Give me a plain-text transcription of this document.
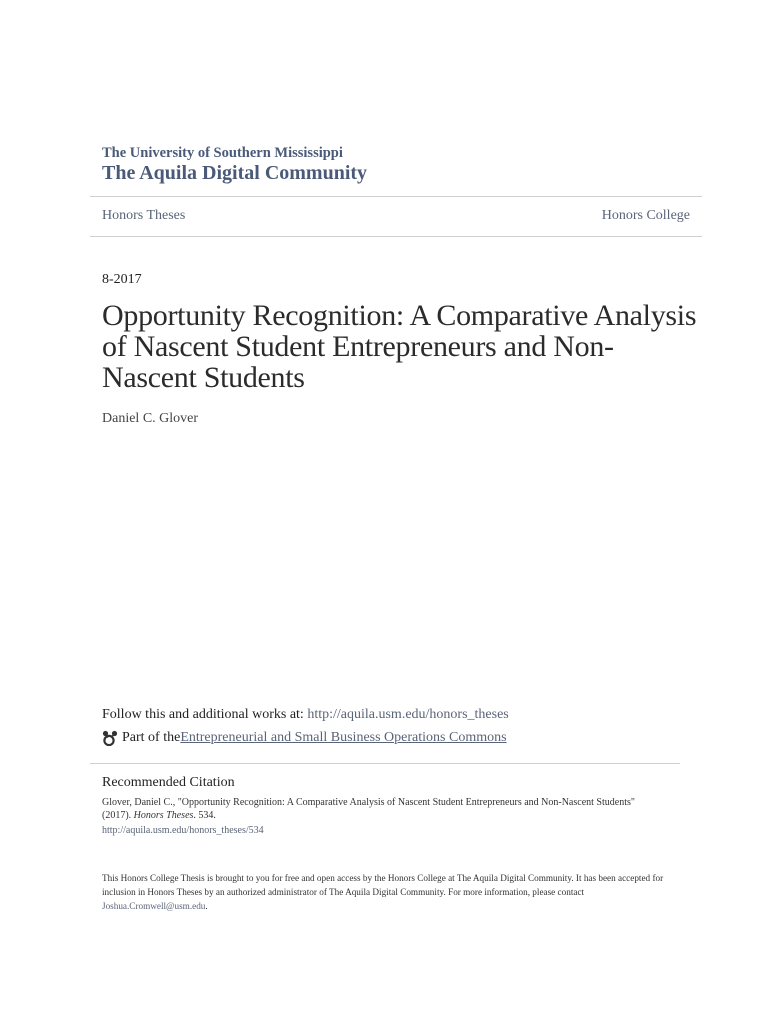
The University of Southern Mississippi
The Aquila Digital Community
Honors Theses	Honors College
8-2017
Opportunity Recognition: A Comparative Analysis of Nascent Student Entrepreneurs and Non-Nascent Students
Daniel C. Glover
Follow this and additional works at: http://aquila.usm.edu/honors_theses
Part of the Entrepreneurial and Small Business Operations Commons
Recommended Citation
Glover, Daniel C., "Opportunity Recognition: A Comparative Analysis of Nascent Student Entrepreneurs and Non-Nascent Students"
(2017). Honors Theses. 534.
http://aquila.usm.edu/honors_theses/534

This Honors College Thesis is brought to you for free and open access by the Honors College at The Aquila Digital Community. It has been accepted for inclusion in Honors Theses by an authorized administrator of The Aquila Digital Community. For more information, please contact Joshua.Cromwell@usm.edu.
